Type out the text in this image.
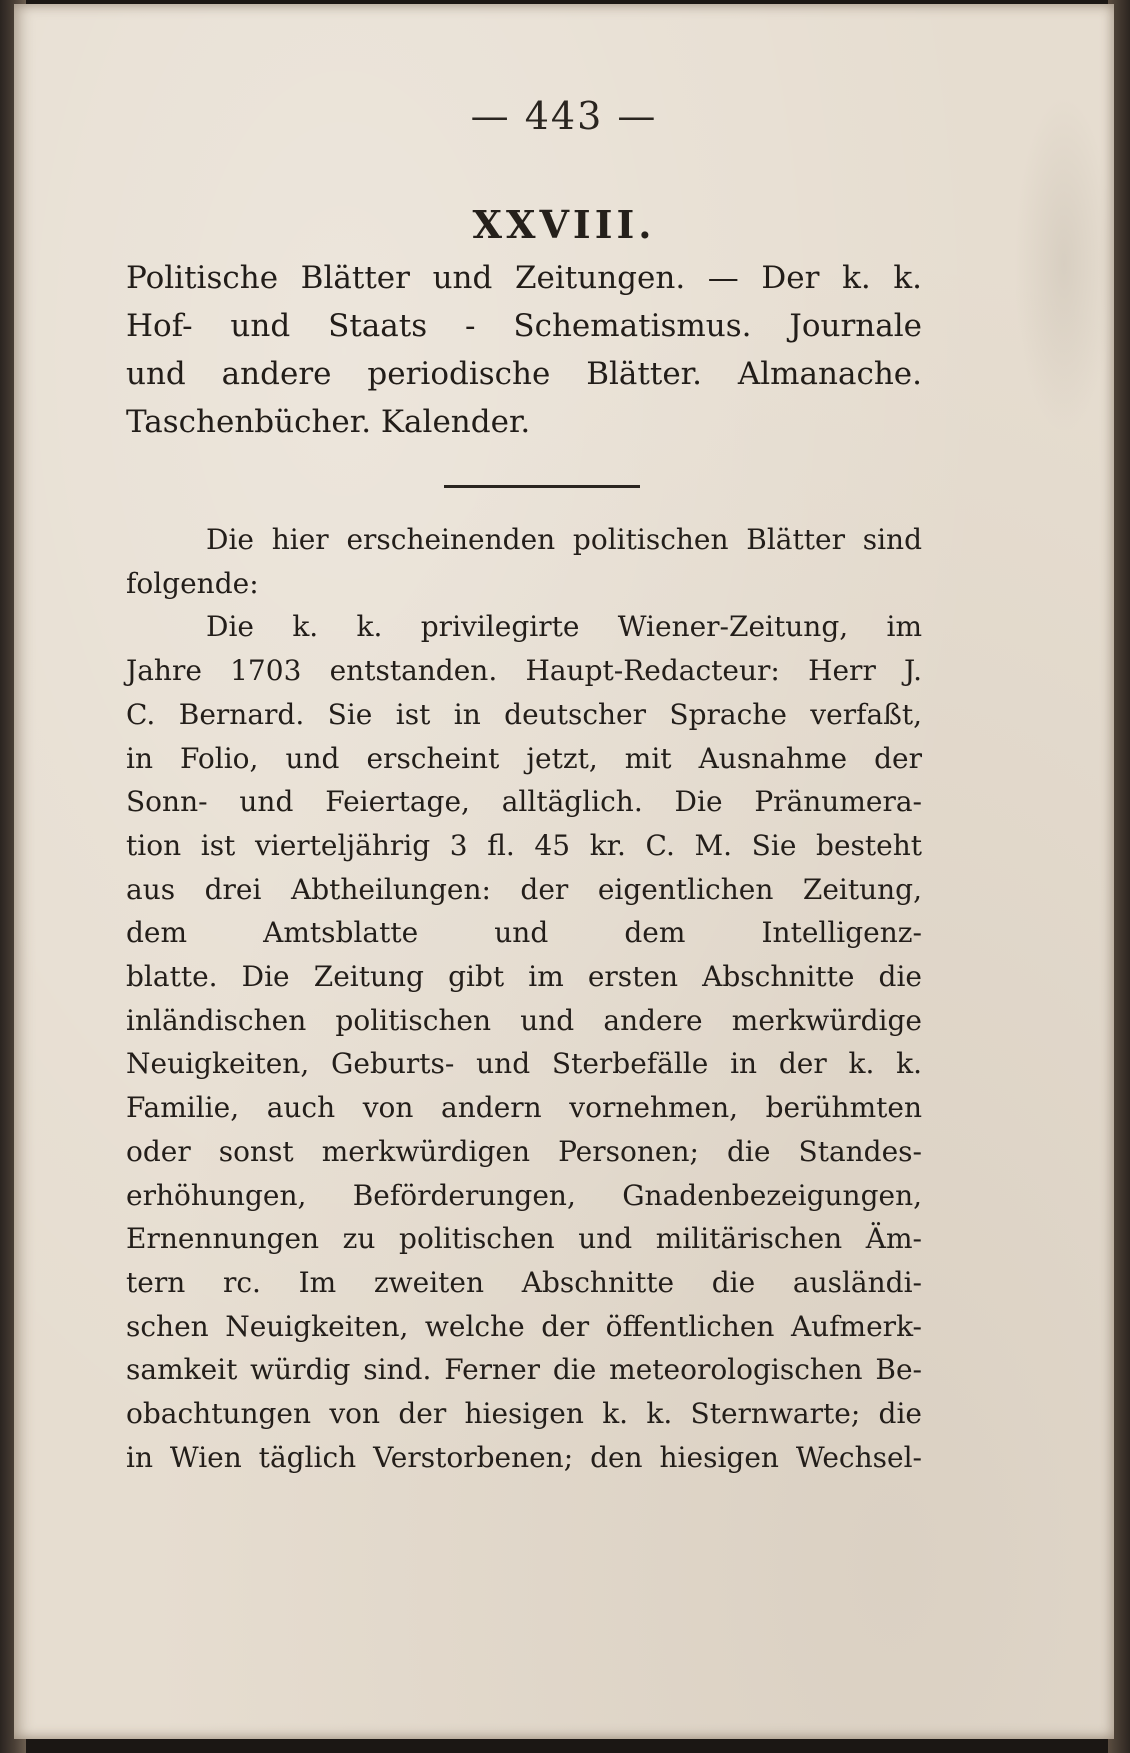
— 443 —
XXVIII.
Politische Blätter und Zeitungen. — Der k. k.
Hof- und Staats - Schematismus. Journale
und andere periodische Blätter. Almanache.
Taschenbücher. Kalender.
Die hier erscheinenden politischen Blätter sind
folgende:
Die k. k. privilegirte Wiener-Zeitung, im
Jahre 1703 entstanden. Haupt-Redacteur: Herr J.
C. Bernard. Sie ist in deutscher Sprache verfaßt,
in Folio, und erscheint jetzt, mit Ausnahme der
Sonn- und Feiertage, alltäglich. Die Pränumera-
tion ist vierteljährig 3 fl. 45 kr. C. M. Sie besteht
aus drei Abtheilungen: der eigentlichen Zeitung,
dem Amtsblatte und dem Intelligenz-
blatte. Die Zeitung gibt im ersten Abschnitte die
inländischen politischen und andere merkwürdige
Neuigkeiten, Geburts- und Sterbefälle in der k. k.
Familie, auch von andern vornehmen, berühmten
oder sonst merkwürdigen Personen; die Standes-
erhöhungen, Beförderungen, Gnadenbezeigungen,
Ernennungen zu politischen und militärischen Äm-
tern rc. Im zweiten Abschnitte die ausländi-
schen Neuigkeiten, welche der öffentlichen Aufmerk-
samkeit würdig sind. Ferner die meteorologischen Be-
obachtungen von der hiesigen k. k. Sternwarte; die
in Wien täglich Verstorbenen; den hiesigen Wechsel-
